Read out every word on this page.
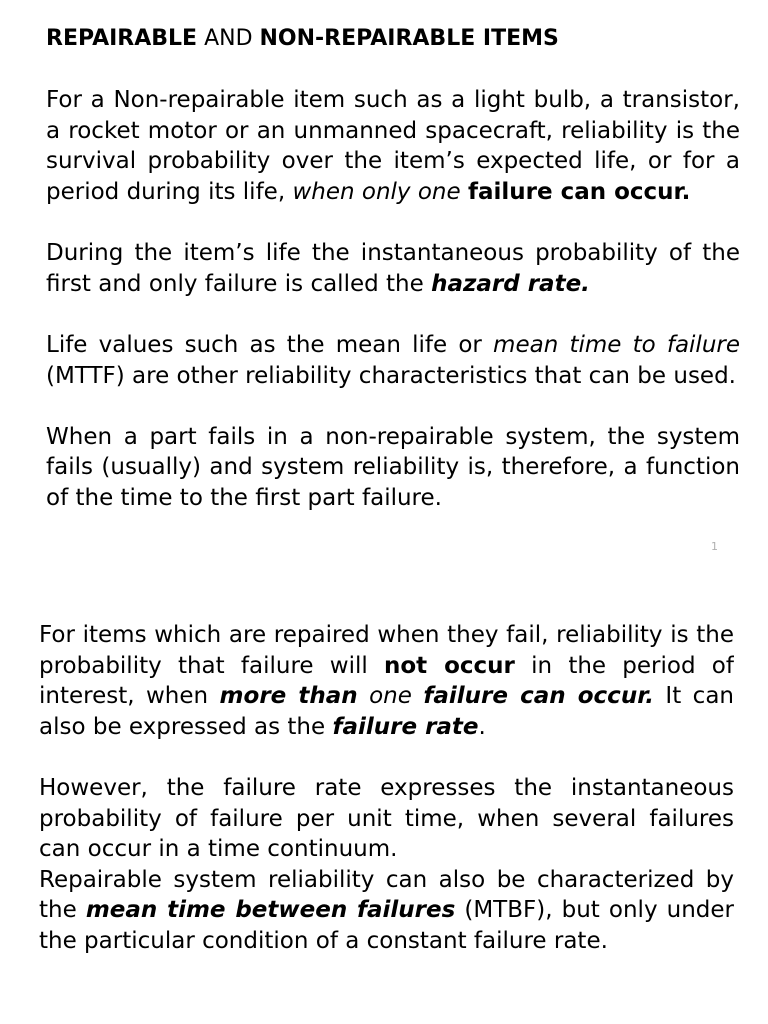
REPAIRABLE AND NON-REPAIRABLE ITEMS

For a Non-repairable item such as a light bulb, a transistor, a rocket motor or an unmanned spacecraft, reliability is the survival probability over the item’s expected life, or for a period during its life, when only one failure can occur.

During the item’s life the instantaneous probability of the first and only failure is called the hazard rate.

Life values such as the mean life or mean time to failure (MTTF) are other reliability characteristics that can be used.

When a part fails in a non-repairable system, the system fails (usually) and system reliability is, therefore, a function of the time to the first part failure.

1

For items which are repaired when they fail, reliability is the probability that failure will not occur in the period of interest, when more than one failure can occur. It can also be expressed as the failure rate.

However, the failure rate expresses the instantaneous probability of failure per unit time, when several failures can occur in a time continuum.

Repairable system reliability can also be characterized by the mean time between failures (MTBF), but only under the particular condition of a constant failure rate.
